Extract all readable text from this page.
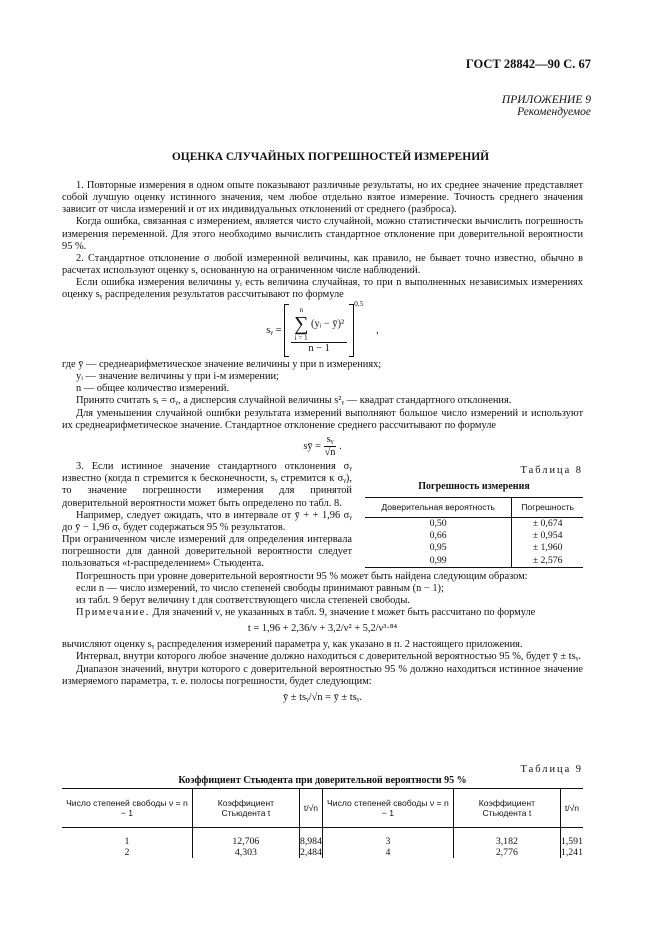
ГОСТ 28842—90 С. 67
ПРИЛОЖЕНИЕ 9
Рекомендуемое
ОЦЕНКА СЛУЧАЙНЫХ ПОГРЕШНОСТЕЙ ИЗМЕРЕНИЙ

1. Повторные измерения в одном опыте показывают различные результаты, но их среднее значение представляет собой лучшую оценку истинного значения, чем любое отдельно взятое измерение. Точность среднего значения зависит от числа измерений и от их индивидуальных отклонений от среднего (разброса).

Когда ошибка, связанная с измерением, является чисто случайной, можно статистически вычислить погрешность измерения переменной. Для этого необходимо вычислить стандартное отклонение при доверительной вероятности 95 %.

2. Стандартное отклонение σ любой измеренной величины, как правило, не бывает точно известно, обычно в расчетах используют оценку s, основанную на ограниченном числе наблюдений.

Если ошибка измерения величины yᵢ есть величина случайная, то при n выполненных независимых измерениях оценку sᵧ распределения результатов рассчитывают по формуле

sᵧ =
n
∑
i = 1
(yᵢ − ȳ)²
n − 1
$^{0,5}$ ,

где ȳ — среднеарифметическое значение величины y при n измерениях;

yᵢ — значение величины y при i-м измерении;

n — общее количество измерений.

Принято считать sᵢ = σᵧ, а дисперсия случайной величины s²ᵧ — квадрат стандартного отклонения.

Для уменьшения случайной ошибки результата измерений выполняют большое число измерений и используют их среднеарифметическое значение. Стандартное отклонение среднего рассчитывают по формуле

sȳ = $\frac{\text{sᵧ}}{√n}$ .

3. Если истинное значение стандартного отклонения σᵧ известно (когда n стремится к бесконечности, sᵧ стремится к σᵧ), то значение погрешности измерения для принятой доверительной вероятности может быть определено по табл. 8.

Например, следует ожидать, что в интервале от ȳ + + 1,96 σᵧ до ȳ − 1,96 σᵧ будет содержаться 95 % результатов.

При ограниченном числе измерений для определения интервала погрешности для данной доверительной вероятности следует пользоваться «t-распределением» Стьюдента.

Таблица 8
Погрешность измерения
Доверительная вероятность	Погрешность
0,50	± 0,674
0,66	± 0,954
0,95	± 1,960
0,99	± 2,576

Погрешность при уровне доверительной вероятности 95 % может быть найдена следующим образом:

если n — число измерений, то число степеней свободы принимают равным (n − 1);

из табл. 9 берут величину t для соответствующего числа степеней свободы.

Примечание. Для значений ν, не указанных в табл. 9, значение t может быть рассчитано по формуле

t = 1,96 + 2,36/ν + 3,2/ν² + 5,2/ν³·⁸⁴

вычисляют оценку sᵧ распределения измерений параметра y, как указано в п. 2 настоящего приложения.

Интервал, внутри которого любое значение должно находиться с доверительной вероятностью 95 %, будет ȳ ± tsᵧ.

Диапазон значений, внутри которого с доверительной вероятностью 95 % должно находиться истинное значение измеряемого параметра, т. е. полосы погрешности, будет следующим:

ȳ ± tsᵧ/√n = ȳ ± tsᵧ.
Таблица 9
Коэффициент Стьюдента при доверительной вероятности 95 %
Число степеней свободы ν = n − 1	Коэффициент Стьюдента t	t/√n	Число степеней свободы ν = n − 1	Коэффициент Стьюдента t	t/√n
1	12,706	8,984	3	3,182	1,591
2	4,303	2,484	4	2,776	1,241
